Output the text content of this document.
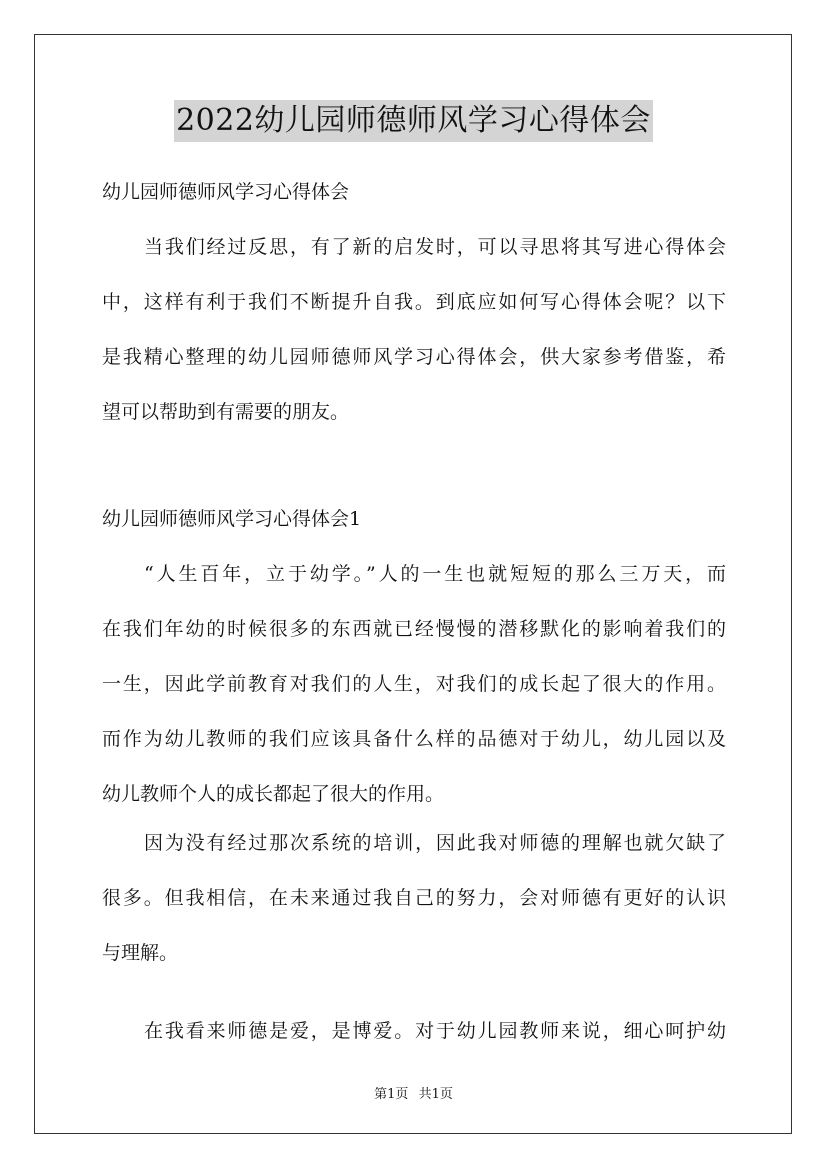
2022幼儿园师德师风学习心得体会
幼儿园师德师风学习心得体会
当我们经过反思，有了新的启发时，可以寻思将其写进心得体会
中，这样有利于我们不断提升自我。到底应如何写心得体会呢？以下
是我精心整理的幼儿园师德师风学习心得体会，供大家参考借鉴，希
望可以帮助到有需要的朋友。
幼儿园师德师风学习心得体会1
“人生百年，立于幼学。”人的一生也就短短的那么三万天，而
在我们年幼的时候很多的东西就已经慢慢的潜移默化的影响着我们的
一生，因此学前教育对我们的人生，对我们的成长起了很大的作用。
而作为幼儿教师的我们应该具备什么样的品德对于幼儿，幼儿园以及
幼儿教师个人的成长都起了很大的作用。
因为没有经过那次系统的培训，因此我对师德的理解也就欠缺了
很多。但我相信，在未来通过我自己的努力，会对师德有更好的认识
与理解。
在我看来师德是爱，是博爱。对于幼儿园教师来说，细心呵护幼
第1页 共1页
